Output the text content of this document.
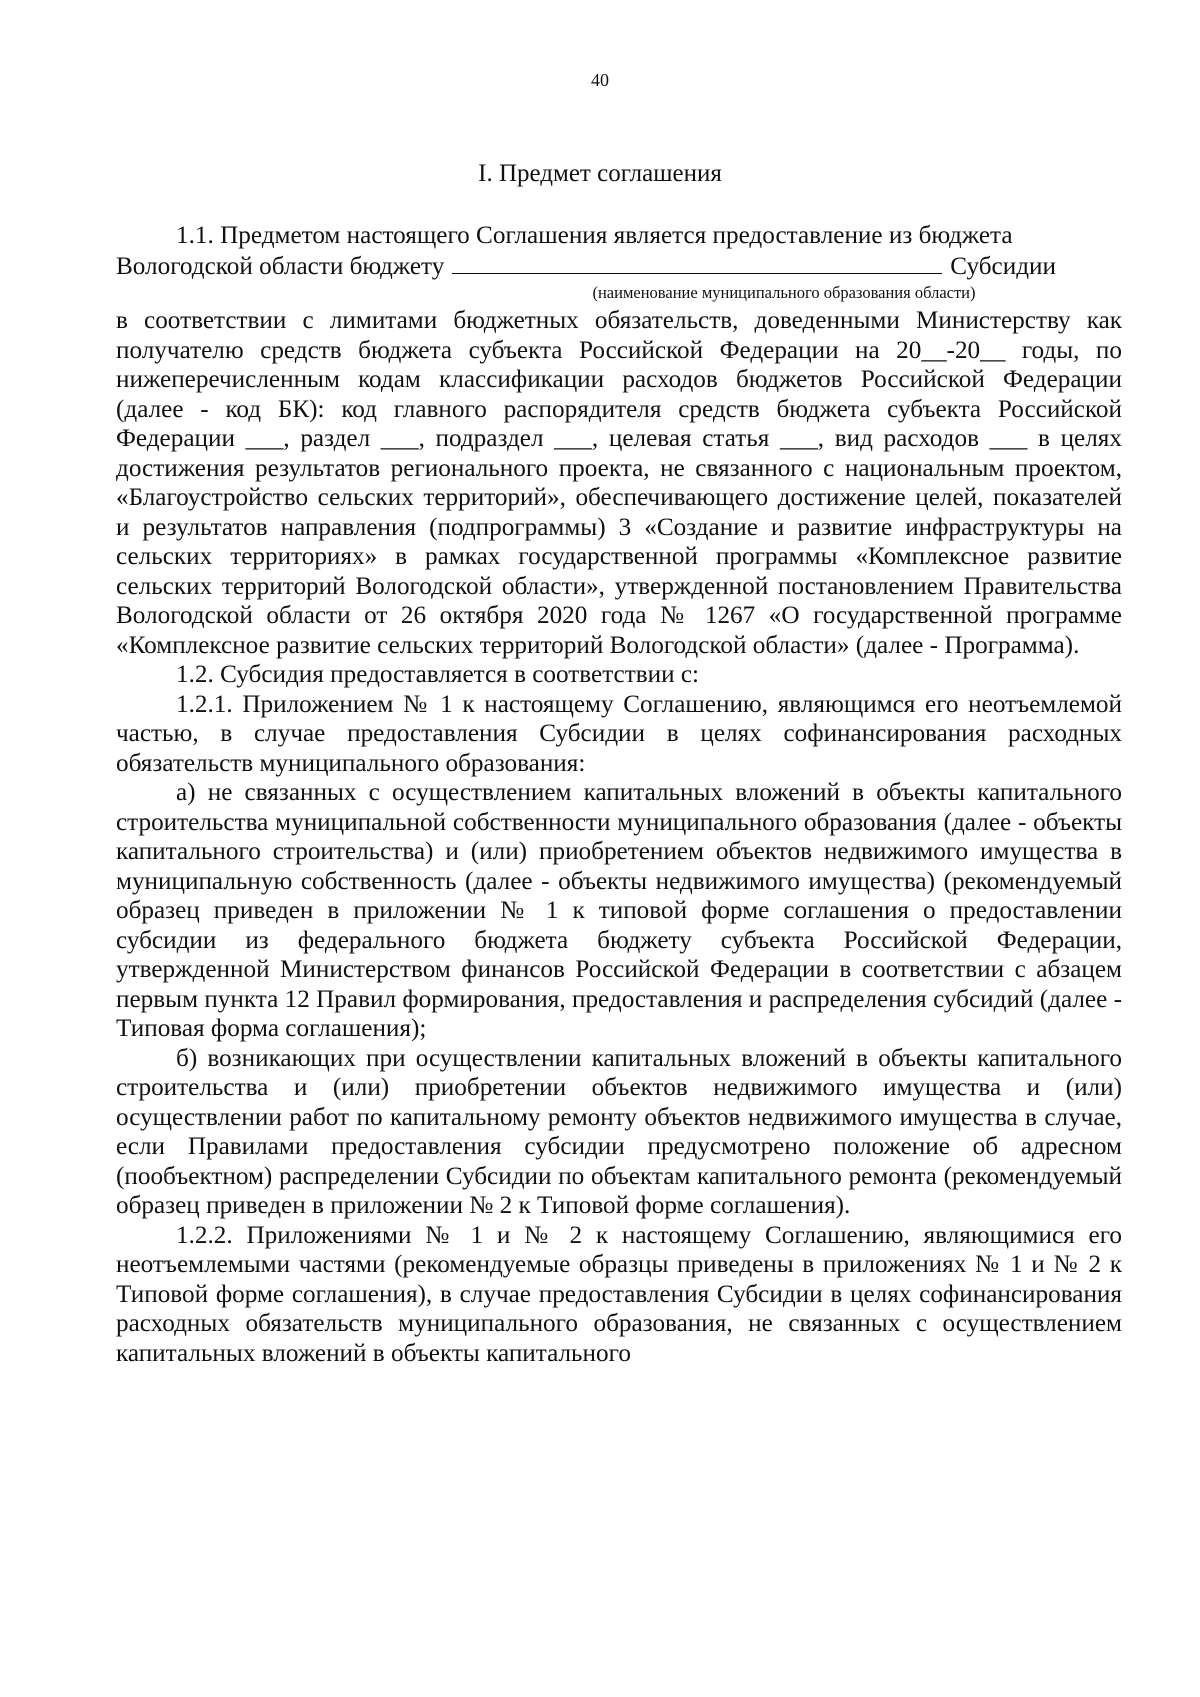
40
I. Предмет соглашения

1.1. Предметом настоящего Соглашения является предоставление из бюджета

Вологодской области бюджету	Субсидии
(наименование муниципального образования области)

в соответствии с лимитами бюджетных обязательств, доведенными Министерству как получателю средств бюджета субъекта Российской Федерации на 20__-20__ годы, по нижеперечисленным кодам классификации расходов бюджетов Российской Федерации (далее - код БК): код главного распорядителя средств бюджета субъекта Российской Федерации ___, раздел ___, подраздел ___, целевая статья ___, вид расходов ___ в целях достижения результатов регионального проекта, не связанного с национальным проектом, «Благоустройство сельских территорий», обеспечивающего достижение целей, показателей и результатов направления (подпрограммы) 3 «Создание и развитие инфраструктуры на сельских территориях» в рамках государственной программы «Комплексное развитие сельских территорий Вологодской области», утвержденной постановлением Правительства Вологодской области от 26 октября 2020 года № 1267 «О государственной программе «Комплексное развитие сельских территорий Вологодской области» (далее - Программа).

1.2. Субсидия предоставляется в соответствии с:

1.2.1. Приложением № 1 к настоящему Соглашению, являющимся его неотъемлемой частью, в случае предоставления Субсидии в целях софинансирования расходных обязательств муниципального образования:

а) не связанных с осуществлением капитальных вложений в объекты капитального строительства муниципальной собственности муниципального образования (далее - объекты капитального строительства) и (или) приобретением объектов недвижимого имущества в муниципальную собственность (далее - объекты недвижимого имущества) (рекомендуемый образец приведен в приложении № 1 к типовой форме соглашения о предоставлении субсидии из федерального бюджета бюджету субъекта Российской Федерации, утвержденной Министерством финансов Российской Федерации в соответствии с абзацем первым пункта 12 Правил формирования, предоставления и распределения субсидий (далее - Типовая форма соглашения);

б) возникающих при осуществлении капитальных вложений в объекты капитального строительства и (или) приобретении объектов недвижимого имущества и (или) осуществлении работ по капитальному ремонту объектов недвижимого имущества в случае, если Правилами предоставления субсидии предусмотрено положение об адресном (пообъектном) распределении Субсидии по объектам капитального ремонта (рекомендуемый образец приведен в приложении № 2 к Типовой форме соглашения).

1.2.2. Приложениями № 1 и № 2 к настоящему Соглашению, являющимися его неотъемлемыми частями (рекомендуемые образцы приведены в приложениях № 1 и № 2 к Типовой форме соглашения), в случае предоставления Субсидии в целях софинансирования расходных обязательств муниципального образования, не связанных с осуществлением капитальных вложений в объекты капитального
